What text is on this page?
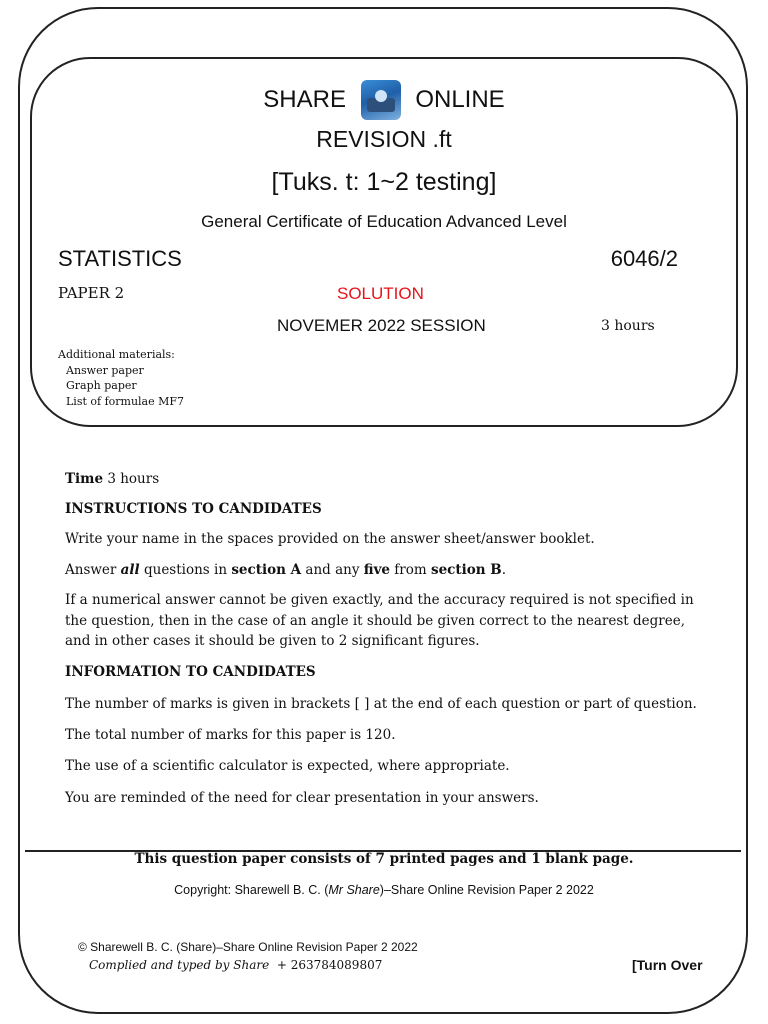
SHARE	ONLINE
REVISION .ft
[Tuks. t: 1~2 testing]
General Certificate of Education Advanced Level
STATISTICS	6046/2
PAPER 2	SOLUTION
NOVEMER 2022 SESSION	3 hours
Additional materials:
Answer paper
Graph paper
List of formulae MF7

Time 3 hours

INSTRUCTIONS TO CANDIDATES

Write your name in the spaces provided on the answer sheet/answer booklet.

Answer all questions in section A and any five from section B.

If a numerical answer cannot be given exactly, and the accuracy required is not specified in the question, then in the case of an angle it should be given correct to the nearest degree, and in other cases it should be given to 2 significant figures.

INFORMATION TO CANDIDATES

The number of marks is given in brackets [ ] at the end of each question or part of question.
The total number of marks for this paper is 120.
The use of a scientific calculator is expected, where appropriate.
You are reminded of the need for clear presentation in your answers.
This question paper consists of 7 printed pages and 1 blank page.
Copyright: Sharewell B. C. (Mr Share)–Share Online Revision Paper 2 2022
© Sharewell B. C. (Share)–Share Online Revision Paper 2 2022
Complied and typed by Share + 263784089807	[Turn Over
